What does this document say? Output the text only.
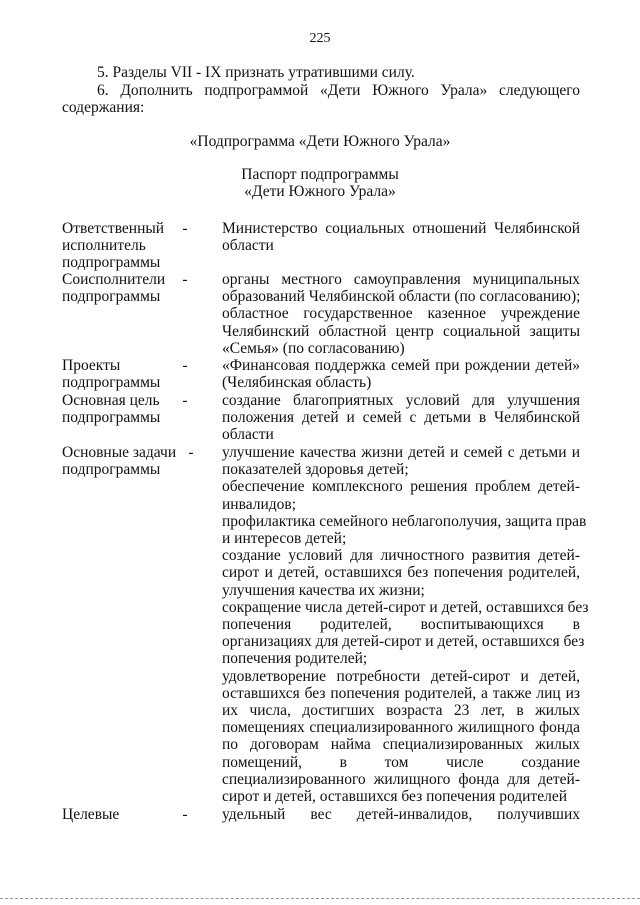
225

5. Разделы VII - IX признать утратившими силу.

6. Дополнить подпрограммой «Дети Южного Урала» следующего содержания:

«Подпрограмма «Дети Южного Урала»

Паспорт подпрограммы

«Дети Южного Урала»

Ответственный
исполнитель
подпрограммы
- Министерство социальных отношений Челябинской
области
Соисполнители
подпрограммы
- органы местного самоуправления муниципальных
образований Челябинской области (по согласованию);
областное государственное казенное учреждение
Челябинский областной центр социальной защиты
«Семья» (по согласованию)
Проекты
подпрограммы
- «Финансовая поддержка семей при рождении детей»
(Челябинская область)
Основная цель
подпрограммы
- создание благоприятных условий для улучшения
положения детей и семей с детьми в Челябинской
области
Основные задачи
подпрограммы
- улучшение качества жизни детей и семей с детьми и
показателей здоровья детей;
обеспечение комплексного решения проблем детей-
инвалидов;
профилактика семейного неблагополучия, защита прав
и интересов детей;
создание условий для личностного развития детей-
сирот и детей, оставшихся без попечения родителей,
улучшения качества их жизни;
сокращение числа детей-сирот и детей, оставшихся без
попечения родителей, воспитывающихся в
организациях для детей-сирот и детей, оставшихся без
попечения родителей;
удовлетворение потребности детей-сирот и детей,
оставшихся без попечения родителей, а также лиц из
их числа, достигших возраста 23 лет, в жилых
помещениях специализированного жилищного фонда
по договорам найма специализированных жилых
помещений, в том числе создание
специализированного жилищного фонда для детей-
сирот и детей, оставшихся без попечения родителей
Целевые	- удельный вес детей-инвалидов, получивших
